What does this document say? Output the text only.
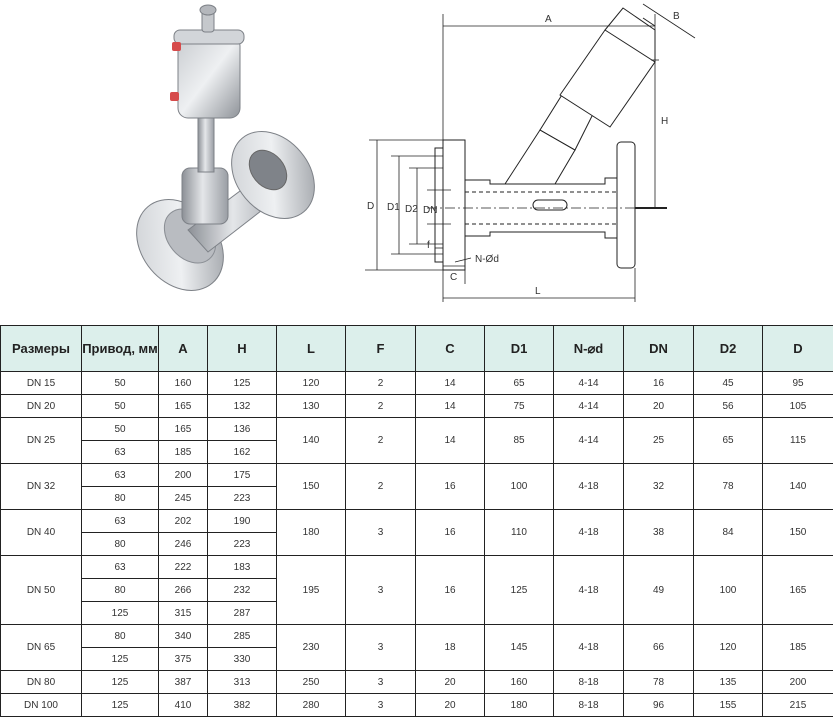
A	B
H
D D1 D2 DN
f
C
N-Ød
L
Размеры	Привод, мм	A	H	L	F	C	D1	N-⌀d	DN	D2	D
DN 15	50	160	125	120	2	14	65	4-14	16	45	95
DN 20	50	165	132	130	2	14	75	4-14	20	56	105
DN 25	50	165	136	140	2	14	85	4-14	25	65	115
	63	185	162								
DN 32	63	200	175	150	2	16	100	4-18	32	78	140
	80	245	223								
DN 40	63	202	190	180	3	16	110	4-18	38	84	150
	80	246	223								
DN 50	63	222	183	195	3	16	125	4-18	49	100	165
	80	266	232								
	125	315	287								
DN 65	80	340	285	230	3	18	145	4-18	66	120	185
	125	375	330								
DN 80	125	387	313	250	3	20	160	8-18	78	135	200
DN 100	125	410	382	280	3	20	180	8-18	96	155	215
